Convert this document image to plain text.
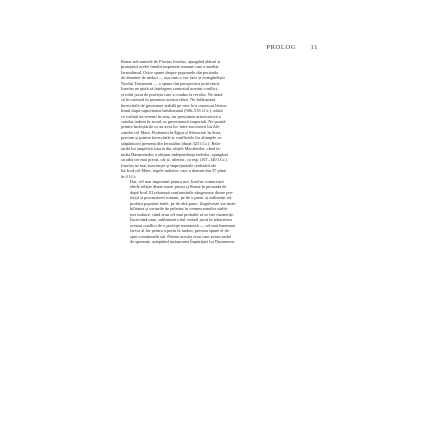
PROLOG 11

Roma sub numele de Flavius Iosefus, ajungând alături și
protejatul acelei familii imperiale romane care a asediat
Ierusalimul. Orice spune despre popoarele din perioada
de dinainte de război — așa cum o vor face și evangheliștii
Noului Testament — o spune din perspectiva potrivnică.
Iosefus ne ajută să înțelegem contextul acestui conflict,
și rolul jucat de profeția care a condus la revolta. Ne arată
că în orientul în prezența acestui răboi. Ne înfățișează
încercările de guvernare stabilă pe care le-a cunoscut Ierusa-
limul după captivitatea babiloniană (586–535 î.Cr.), odată
ce exilații au revenit în oraș, iar preoțimea aristocratică a
condus iudeea în acord cu guvernatorii imperiali. Ne poartă
printre încleștările ce au avut loc între succesorii lui Ale-
xandru cel Mare, Ptolemeii în Egipt și Seleucizii în Siria,
precum și printre încercările și conflictele lor alianțele cu
stăpânitorii prezenți din Ierusalim (după 323 î.Cr.). Rela-
tarile lui ampelică istoria din cărțile Macabeilor, când fa-
milia Hasmoneilor a obținut independența iudeilor, ajungând
să aibă cei mai preoți, cât și, ulterior, ca regi (167–140 î.Cr.).
Iosefus ne mai istorisește și împrejurările realizării ale
lui Irod cel Mare, regele iudeilor, care a domnit din 37 până
în 4 î.Cr.

Dar, cel mai important pentru noi, Iosefus conturează
ideile relație dintre marii preoți și Roma în perioada de
după Irod. El relatează confruntările sângeroase dintre pre-
fecții și procuratorii romani, pe de o parte, și militanții ori
profeții populari iudei, pe de altă parte. Zugrăvește via inste-
bilitatea și certurile de pelerini în vremea marilor sărbă-
tori iudaice, când erau cel mai probabil să se iste răzmerițe.
Încercând uma, subliniază rolul central jucat în izbucnirea
acestui conflict de o profeție mesianică — cel mai însemnat
factor al lor pentru a porni la război, precum spune el de-
spre conaționalii săi. Printre aceștia erau care aveau astfel
de speranțe, așteptând instaurarea Împărăției lui Dumnezeu.
